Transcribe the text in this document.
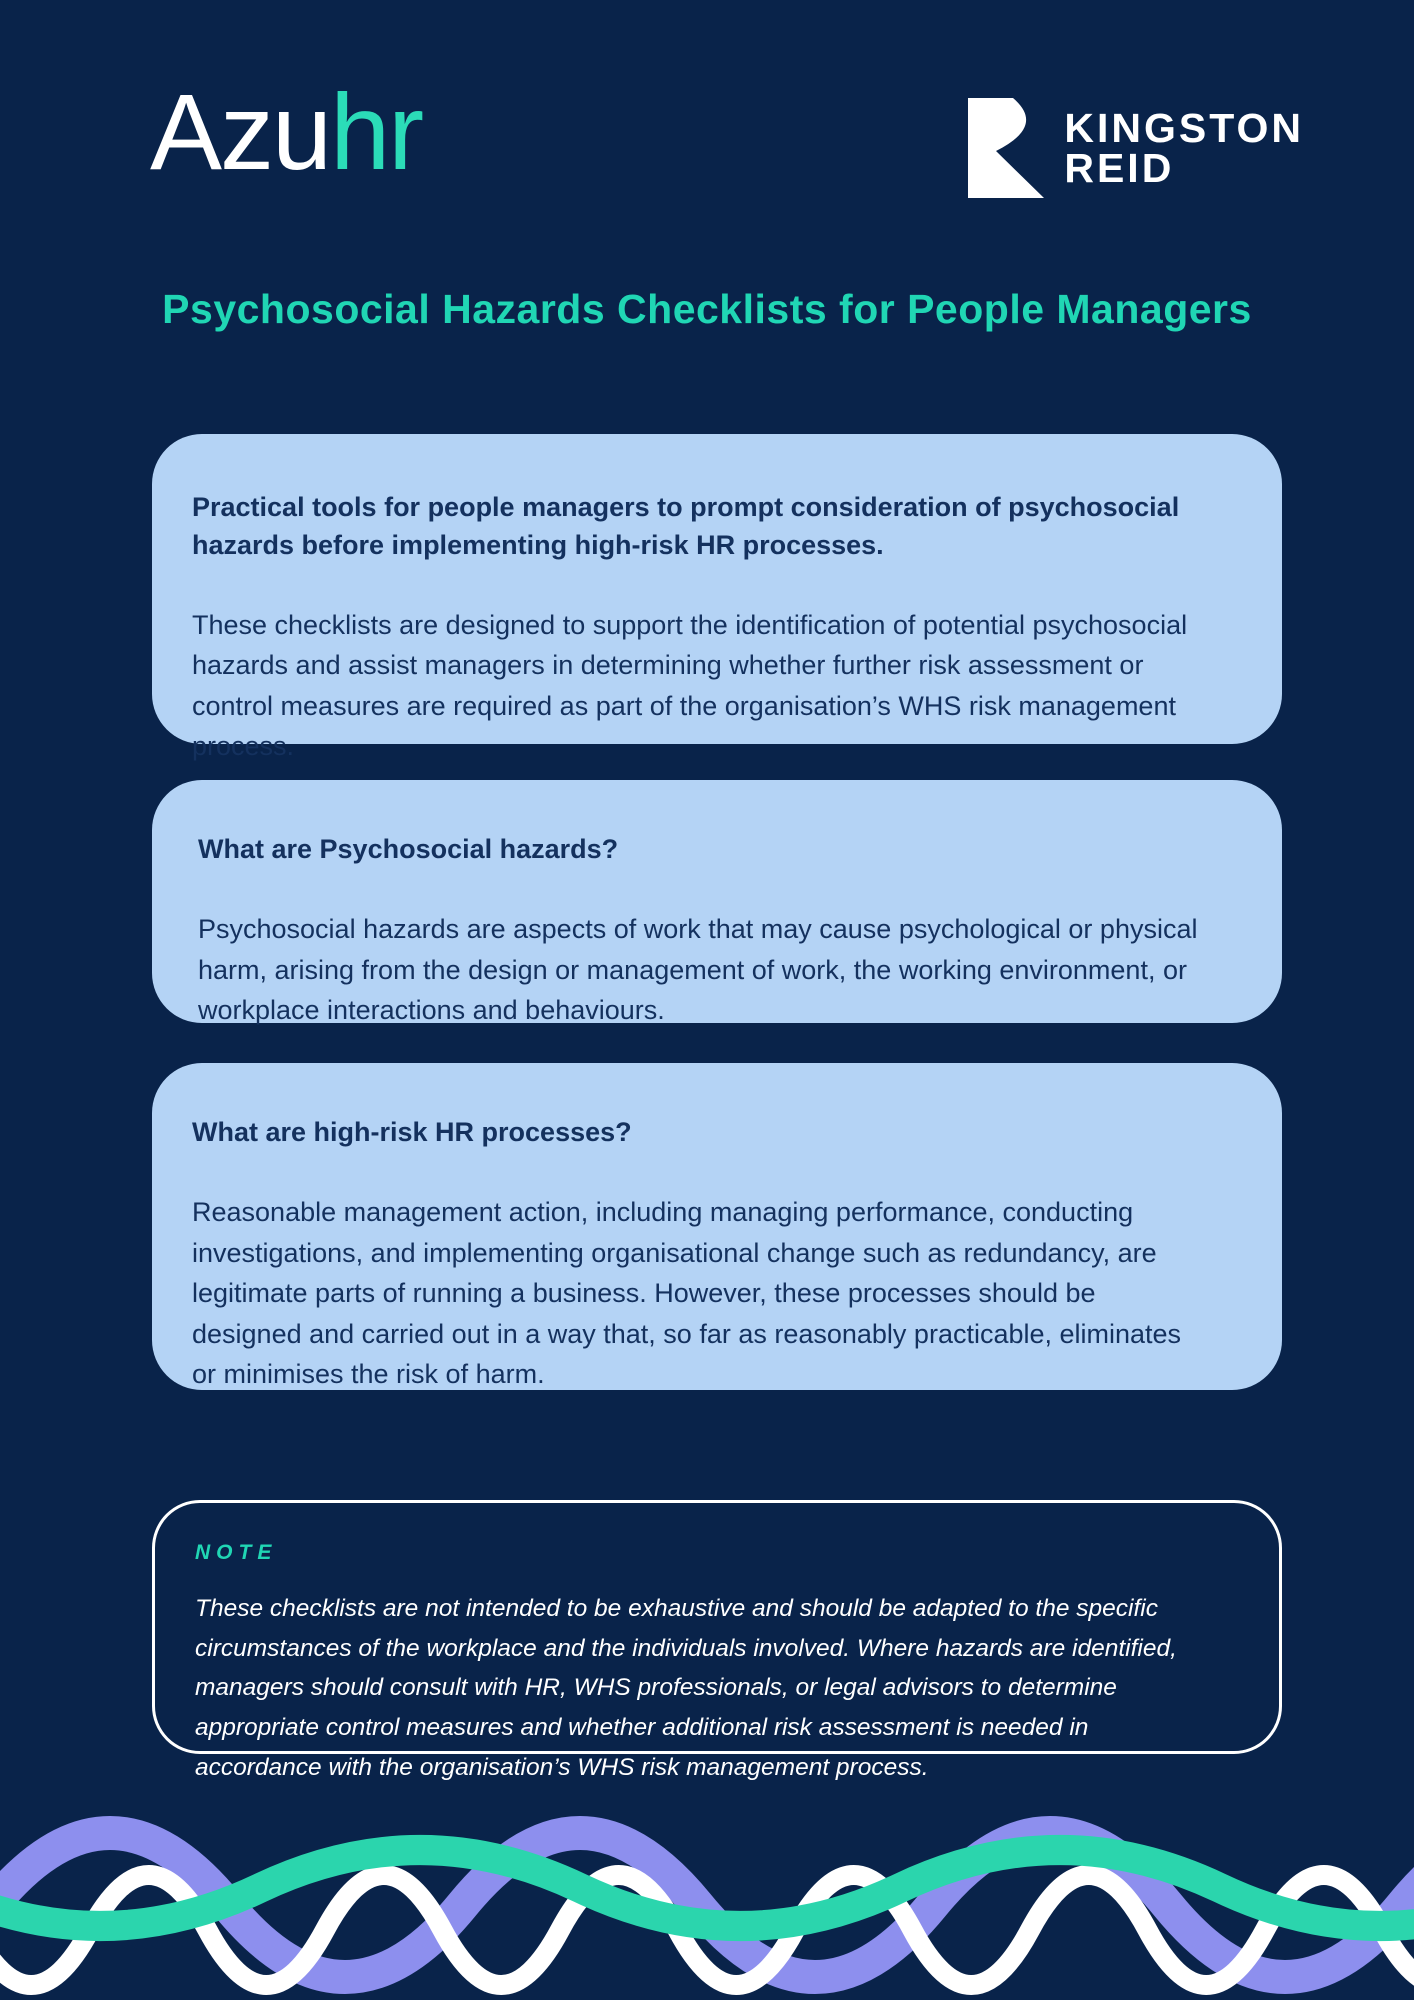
Azuhr	KINGSTON
REID
Psychosocial Hazards Checklists for People Managers

Practical tools for people managers to prompt consideration of psychosocial hazards before implementing high-risk HR processes.

These checklists are designed to support the identification of potential psychosocial hazards and assist managers in determining whether further risk assessment or control measures are required as part of the organisation’s WHS risk management process.

What are Psychosocial hazards?

Psychosocial hazards are aspects of work that may cause psychological or physical harm, arising from the design or management of work, the working environment, or workplace interactions and behaviours.

What are high-risk HR processes?

Reasonable management action, including managing performance, conducting investigations, and implementing organisational change such as redundancy, are legitimate parts of running a business. However, these processes should be designed and carried out in a way that, so far as reasonably practicable, eliminates or minimises the risk of harm.

NOTE

These checklists are not intended to be exhaustive and should be adapted to the specific circumstances of the workplace and the individuals involved. Where hazards are identified, managers should consult with HR, WHS professionals, or legal advisors to determine appropriate control measures and whether additional risk assessment is needed in accordance with the organisation’s WHS risk management process.
